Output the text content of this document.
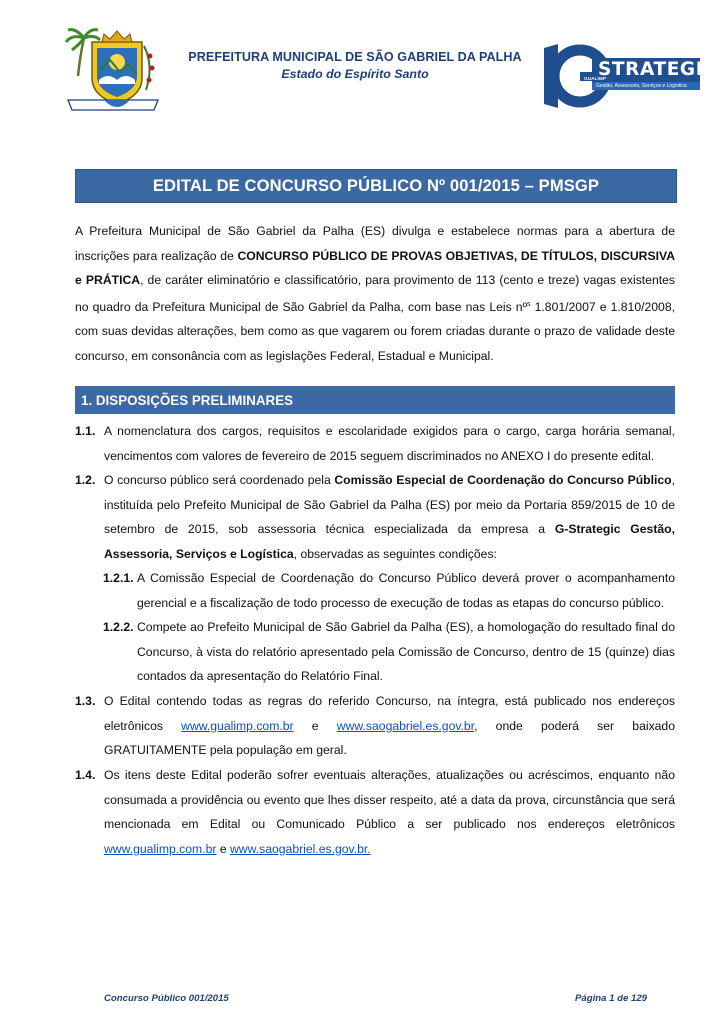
PREFEITURA MUNICIPAL DE SÃO GABRIEL DA PALHA
Estado do Espírito Santo	GUALIMP
STRATEGIC
Gestão, Assessoria, Serviços e Logística
EDITAL DE CONCURSO PÚBLICO Nº 001/2015 – PMSGP
A Prefeitura Municipal de São Gabriel da Palha (ES) divulga e estabelece normas para a abertura de inscrições para realização de CONCURSO PÚBLICO DE PROVAS OBJETIVAS, DE TÍTULOS, DISCURSIVA e PRÁTICA, de caráter eliminatório e classificatório, para provimento de 113 (cento e treze) vagas existentes no quadro da Prefeitura Municipal de São Gabriel da Palha, com base nas Leis nº$^s$ 1.801/2007 e 1.810/2008, com suas devidas alterações, bem como as que vagarem ou forem criadas durante o prazo de validade deste concurso, em consonância com as legislações Federal, Estadual e Municipal.
1. DISPOSIÇÕES PRELIMINARES
1.1. A nomenclatura dos cargos, requisitos e escolaridade exigidos para o cargo, carga horária semanal, vencimentos com valores de fevereiro de 2015 seguem discriminados no ANEXO I do presente edital.
1.2. O concurso público será coordenado pela Comissão Especial de Coordenação do Concurso Público, instituída pelo Prefeito Municipal de São Gabriel da Palha (ES) por meio da Portaria 859/2015 de 10 de setembro de 2015, sob assessoria técnica especializada da empresa a G-Strategic Gestão, Assessoria, Serviços e Logística, observadas as seguintes condições:
1.2.1. A Comissão Especial de Coordenação do Concurso Público deverá prover o acompanhamento gerencial e a fiscalização de todo processo de execução de todas as etapas do concurso público.
1.2.2. Compete ao Prefeito Municipal de São Gabriel da Palha (ES), a homologação do resultado final do Concurso, à vista do relatório apresentado pela Comissão de Concurso, dentro de 15 (quinze) dias contados da apresentação do Relatório Final.
1.3. O Edital contendo todas as regras do referido Concurso, na íntegra, está publicado nos endereços eletrônicos www.gualimp.com.br e www.saogabriel.es.gov.br, onde poderá ser baixado GRATUITAMENTE pela população em geral.
1.4. Os itens deste Edital poderão sofrer eventuais alterações, atualizações ou acréscimos, enquanto não consumada a providência ou evento que lhes disser respeito, até a data da prova, circunstância que será mencionada em Edital ou Comunicado Público a ser publicado nos endereços eletrônicos www.gualimp.com.br e www.saogabriel.es.gov.br.
Concurso Público 001/2015	Página 1 de 129
